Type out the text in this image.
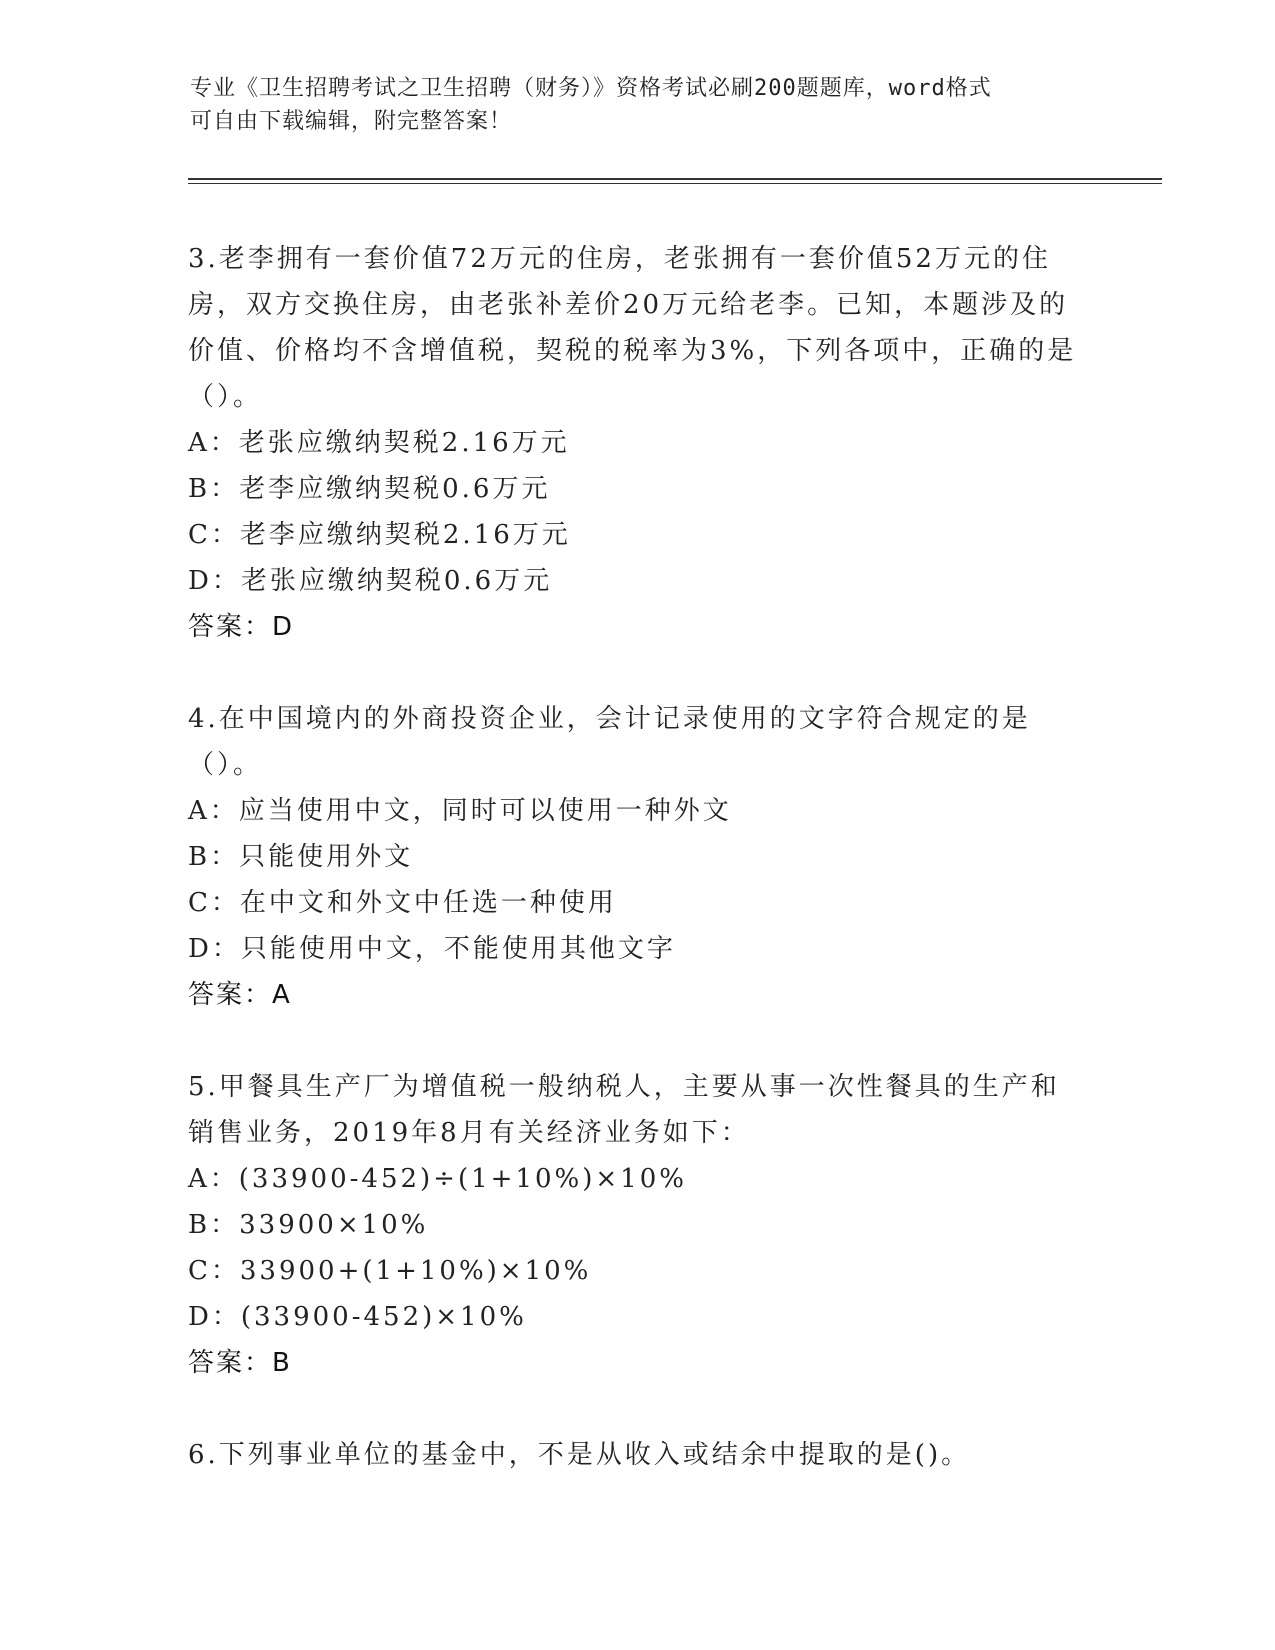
专业《卫生招聘考试之卫生招聘（财务）》资格考试必刷200题题库，word格式
可自由下载编辑，附完整答案！
3.老李拥有一套价值72万元的住房，老张拥有一套价值52万元的住房，双方交换住房，由老张补差价20万元给老李。已知，本题涉及的价值、价格均不含增值税，契税的税率为3%，下列各项中，正确的是（）。
A：老张应缴纳契税2.16万元
B：老李应缴纳契税0.6万元
C：老李应缴纳契税2.16万元
D：老张应缴纳契税0.6万元
答案：D
4.在中国境内的外商投资企业，会计记录使用的文字符合规定的是（）。
A：应当使用中文，同时可以使用一种外文
B：只能使用外文
C：在中文和外文中任选一种使用
D：只能使用中文，不能使用其他文字
答案：A
5.甲餐具生产厂为增值税一般纳税人，主要从事一次性餐具的生产和销售业务，2019年8月有关经济业务如下：
A：(33900-452)÷(1+10%)×10%
B：33900×10%
C：33900+(1+10%)×10%
D：(33900-452)×10%
答案：B
6.下列事业单位的基金中，不是从收入或结余中提取的是()。
